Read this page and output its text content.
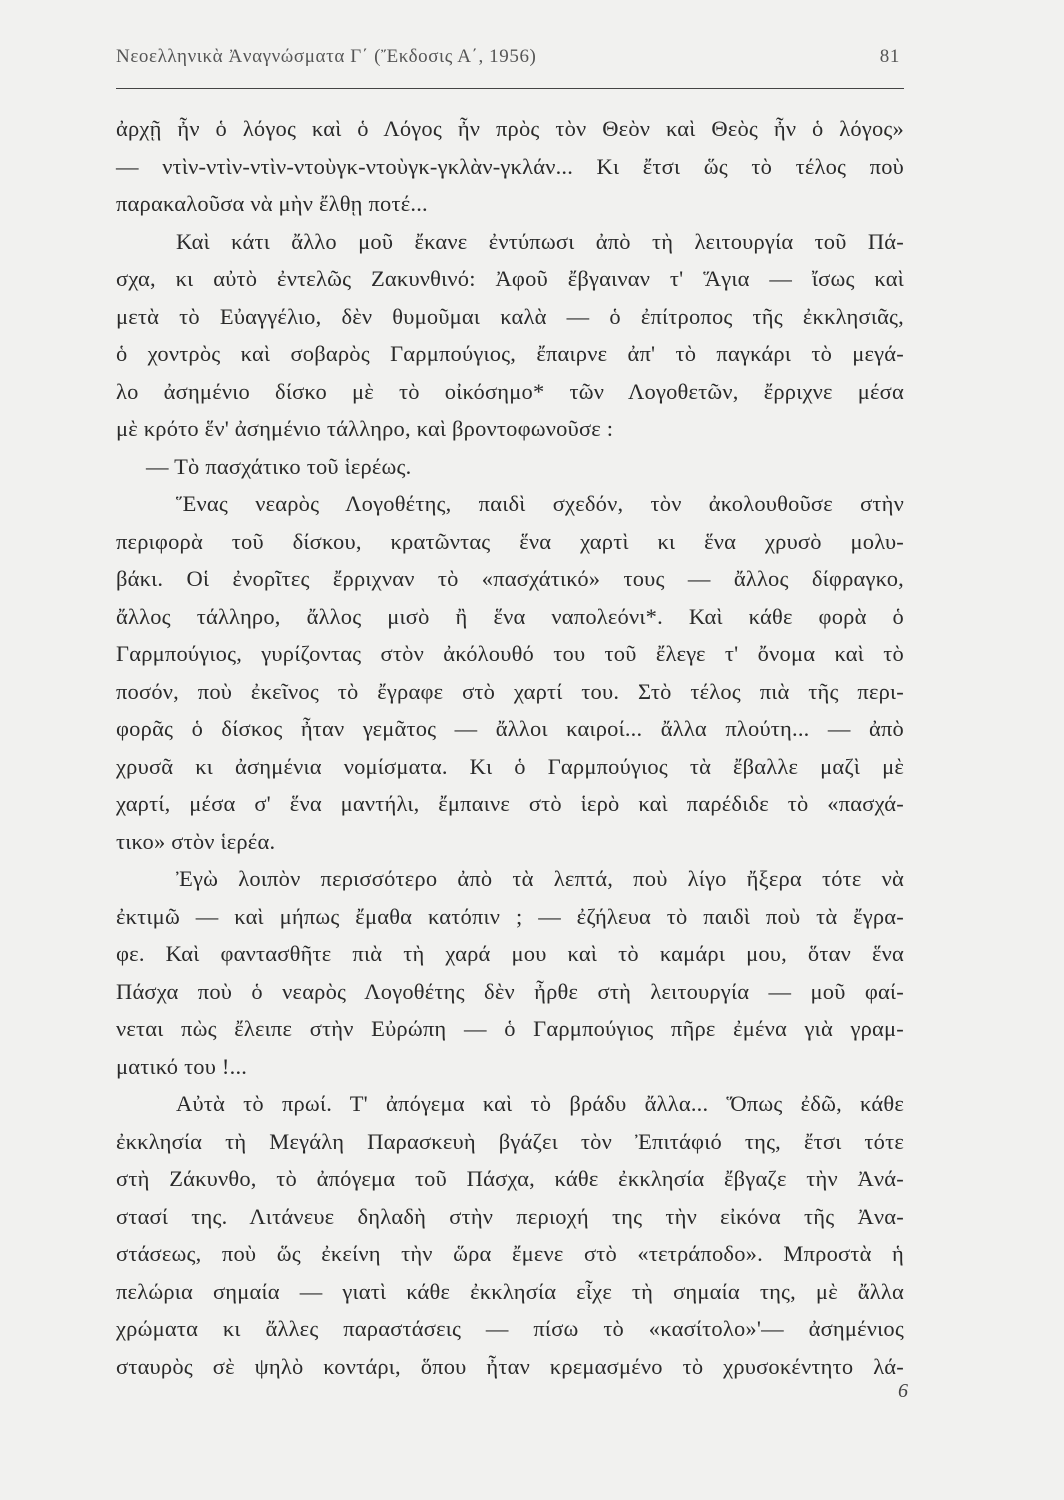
Νεοελληνικὰ Ἀναγνώσματα Γ΄ (Ἔκδοσις Α΄, 1956)	81
ἀρχῇ ἦν ὁ λόγος καὶ ὁ Λόγος ἦν πρὸς τὸν Θεὸν καὶ Θεὸς ἦν ὁ λόγος»
— ντὶν-ντὶν-ντὶν-ντοὺγκ-ντοὺγκ-γκλὰν-γκλάν... Κι ἔτσι ὥς τὸ τέλος ποὺ
παρακαλοῦσα νὰ μὴν ἔλθῃ ποτέ...
Καὶ κάτι ἄλλο μοῦ ἔκανε ἐντύπωσι ἀπὸ τὴ λειτουργία τοῦ Πά-
σχα, κι αὐτὸ ἐντελῶς Ζακυνθινό: Ἀφοῦ ἔβγαιναν τ' Ἅγια — ἴσως καὶ
μετὰ τὸ Εὐαγγέλιο, δὲν θυμοῦμαι καλὰ — ὁ ἐπίτροπος τῆς ἐκκλησιᾶς,
ὁ χοντρὸς καὶ σοβαρὸς Γαρμπούγιος, ἔπαιρνε ἀπ' τὸ παγκάρι τὸ μεγά-
λο ἀσημένιο δίσκο μὲ τὸ οἰκόσημο* τῶν Λογοθετῶν, ἔρριχνε μέσα
μὲ κρότο ἕν' ἀσημένιο τάλληρο, καὶ βροντοφωνοῦσε :
— Τὸ πασχάτικο τοῦ ἱερέως.
Ἕνας νεαρὸς Λογοθέτης, παιδὶ σχεδόν, τὸν ἀκολουθοῦσε στὴν
περιφορὰ τοῦ δίσκου, κρατῶντας ἕνα χαρτὶ κι ἕνα χρυσὸ μολυ-
βάκι. Οἱ ἐνορῖτες ἔρριχναν τὸ «πασχάτικό» τους — ἄλλος δίφραγκο,
ἄλλος τάλληρο, ἄλλος μισὸ ἢ ἕνα ναπολεόνι*. Καὶ κάθε φορὰ ὁ
Γαρμπούγιος, γυρίζοντας στὸν ἀκόλουθό του τοῦ ἔλεγε τ' ὄνομα καὶ τὸ
ποσόν, ποὺ ἐκεῖνος τὸ ἔγραφε στὸ χαρτί του. Στὸ τέλος πιὰ τῆς περι-
φορᾶς ὁ δίσκος ἦταν γεμᾶτος — ἄλλοι καιροί... ἄλλα πλούτη... — ἀπὸ
χρυσᾶ κι ἀσημένια νομίσματα. Κι ὁ Γαρμπούγιος τὰ ἔβαλλε μαζὶ μὲ
χαρτί, μέσα σ' ἕνα μαντήλι, ἔμπαινε στὸ ἱερὸ καὶ παρέδιδε τὸ «πασχά-
τικο» στὸν ἱερέα.
Ἐγὼ λοιπὸν περισσότερο ἀπὸ τὰ λεπτά, ποὺ λίγο ἤξερα τότε νὰ
ἐκτιμῶ — καὶ μήπως ἔμαθα κατόπιν ; — ἐζήλευα τὸ παιδὶ ποὺ τὰ ἔγρα-
φε. Καὶ φαντασθῆτε πιὰ τὴ χαρά μου καὶ τὸ καμάρι μου, ὅταν ἕνα
Πάσχα ποὺ ὁ νεαρὸς Λογοθέτης δὲν ἦρθε στὴ λειτουργία — μοῦ φαί-
νεται πὼς ἔλειπε στὴν Εὐρώπη — ὁ Γαρμπούγιος πῆρε ἐμένα γιὰ γραμ-
ματικό του !...
Αὐτὰ τὸ πρωί. Τ' ἀπόγεμα καὶ τὸ βράδυ ἄλλα... Ὅπως ἐδῶ, κάθε
ἐκκλησία τὴ Μεγάλη Παρασκευὴ βγάζει τὸν Ἐπιτάφιό της, ἔτσι τότε
στὴ Ζάκυνθο, τὸ ἀπόγεμα τοῦ Πάσχα, κάθε ἐκκλησία ἔβγαζε τὴν Ἀνά-
στασί της. Λιτάνευε δηλαδὴ στὴν περιοχή της τὴν εἰκόνα τῆς Ἀνα-
στάσεως, ποὺ ὥς ἐκείνη τὴν ὥρα ἔμενε στὸ «τετράποδο». Μπροστὰ ἡ
πελώρια σημαία — γιατὶ κάθε ἐκκλησία εἶχε τὴ σημαία της, μὲ ἄλλα
χρώματα κι ἄλλες παραστάσεις — πίσω τὸ «κασίτολο»'— ἀσημένιος
σταυρὸς σὲ ψηλὸ κοντάρι, ὅπου ἦταν κρεμασμένο τὸ χρυσοκέντητο λά-
6
